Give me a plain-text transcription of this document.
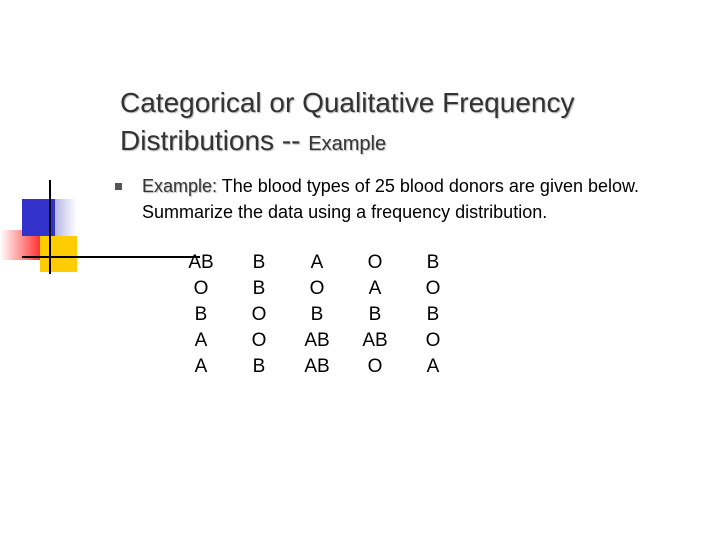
Categorical or Qualitative Frequency
Distributions -- Example
Example: The blood types of 25 blood donors are given below. Summarize the data using a frequency distribution.
AB	B	A	O	B
O	B	O	A	O
B	O	B	B	B
A	O	AB	AB	O
A	B	AB	O	A
